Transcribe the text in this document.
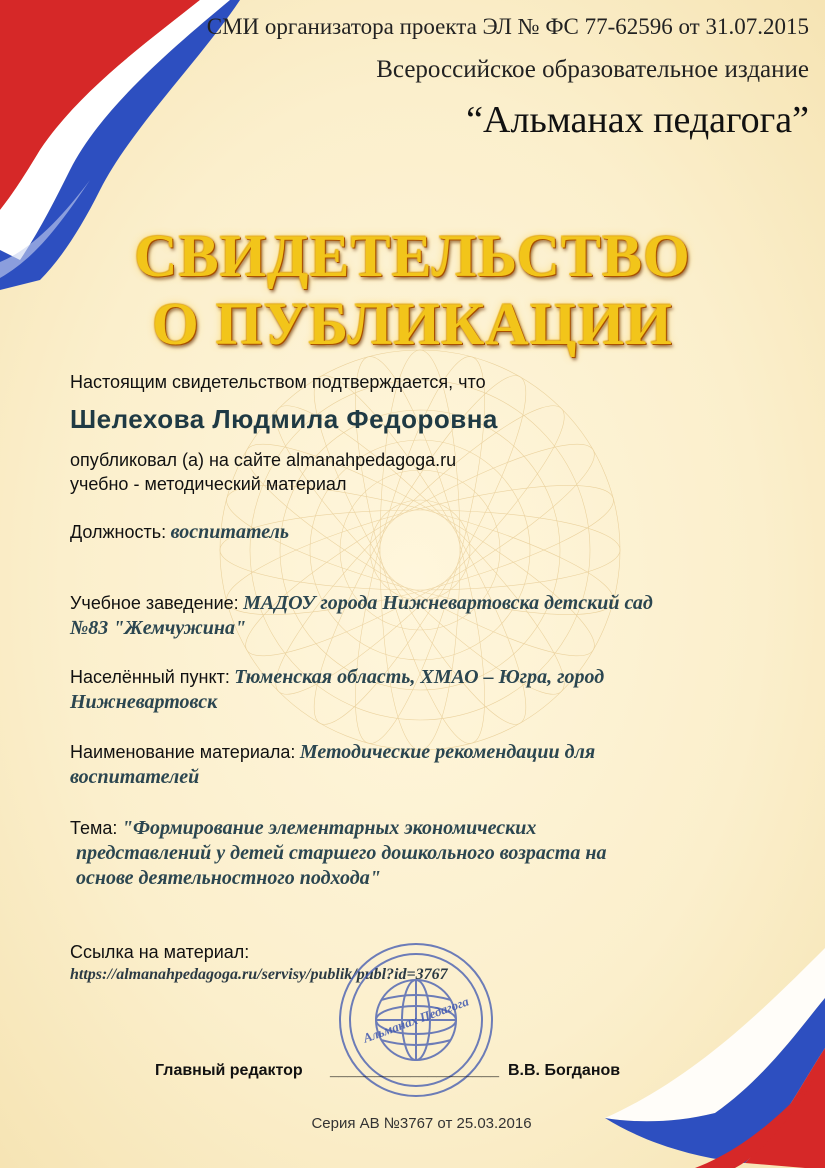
СМИ организатора проекта ЭЛ № ФС 77-62596 от 31.07.2015
Всероссийское образовательное издание
“Альманах педагога”
СВИДЕТЕЛЬСТВО
О ПУБЛИКАЦИИ
Настоящим свидетельством подтверждается, что
Шелехова Людмила Федоровна
опубликовал (а) на сайте almanahpedagoga.ru
учебно - методический материал
Должность: воспитатель
Учебное заведение: МАДОУ города Нижневартовска детский сад
№83 "Жемчужина"
Населённый пункт: Тюменская область, ХМАО – Югра, город
Нижневартовск
Наименование материала: Методические рекомендации для
воспитателей
Тема: "Формирование элементарных экономических
представлений у детей старшего дошкольного возраста на
основе деятельностного подхода"
Ссылка на материал:
https://almanahpedagoga.ru/servisy/publik/publ?id=3767
Альманах Педагога
Главный редактор ___________________ В.В. Богданов
Серия АВ №3767 от 25.03.2016
